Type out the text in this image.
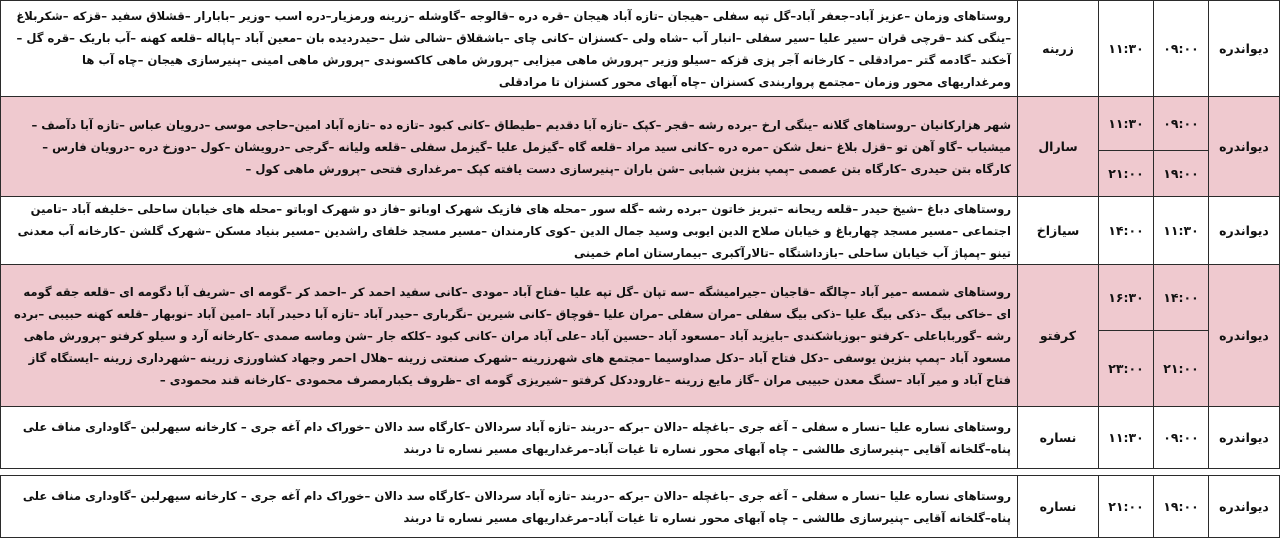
دیواندره	۰۹:۰۰	۱۱:۳۰	زرینه	روستاهای وزمان –عزیز آباد–جعفر آباد–گل تپه سفلی –هیجان –تازه آباد هیجان –قره دره –قالوجه –گاوشله –زرینه ورمزیار–دره اسب –وزیر –بابارار –قشلاق سفید –قزکه –شکربلاغ –ینگی کند –قرچی قران –سیر علیا –سیر سفلی –انبار آب –شاه ولی –کسنزان –کانی چای –باشقلاق –شالی شل –حیدردیده بان –معین آباد –پاپاله –قلعه کهنه –آب باریک –قره گل –آخکند –گادمه گتر –مرادقلی – کارخانه آجر پزی قزکه –سیلو وزیر –پرورش ماهی میزایی –پرورش ماهی کاکسوندی –پرورش ماهی امینی –پنیرسازی هیجان –چاه آب ها ومرغداریهای محور وزمان –مجتمع پرواربندی کسنزان –چاه آبهای محور کسنزان تا مرادقلی
دیواندره	۰۹:۰۰	۱۱:۳۰	سارال	شهر هزارکانیان –روستاهای گلانه –ینگی ارخ –برده رشه –قجر –کپک –تازه آبا دقدیم –طیطاق –کانی کبود –تازه ده –تازه آباد امین–حاجی موسی –درویان عباس –تازه آبا دآصف –میشیاب –گاو آهن تو –قزل بلاغ –نعل شکن –مره دره –کانی سید مراد –قلعه گاه –گیزمل علیا –گیزمل سفلی –قلعه ولیانه –گرجی –درویشان –کول –دوزخ دره –درویان فارس –کارگاه بتن حیدری –کارگاه بتن عصمی –پمپ بنزین شبابی –شن باران –پنیرسازی دست یافته کپک –مرغداری فتحی –پرورش ماهی کول –
	۱۹:۰۰	۲۱:۰۰		
دیواندره	۱۱:۳۰	۱۴:۰۰	سیازاخ	روستاهای دباغ –شیخ حیدر –قلعه ریحانه –تبریز خاتون –برده رشه –گله سور –محله های فازیک شهرک اوباتو –فاز دو شهرک اوباتو –محله های خیابان ساحلی –خلیفه آباد –تامین اجتماعی –مسیر مسجد چهارباغ و خیابان صلاح الدین ایوبی وسید جمال الدین –کوی کارمندان –مسیر مسجد خلفای راشدین –مسیر بنیاد مسکن –شهرک گلشن –کارخانه آب معدنی تینو –پمپاژ آب خیابان ساحلی –بازداشتگاه –تالارآکبری –بیمارستان امام خمینی
دیواندره	۱۴:۰۰	۱۶:۳۰	کرفتو	روستاهای شمسه –میر آباد –چالگه –قاجیان –جیرامیشگه –سه تپان –گل تپه علیا –فتاح آباد –مودی –کانی سفید احمد کر –احمد کر –گومه ای –شریف آبا دگومه ای –قلعه جقه گومه ای –خاکی بیگ –ذکی بیگ علیا –ذکی بیگ سفلی –مران سفلی –مران علیا –قوچاق –کانی شیرین –نگرباری –حیدر آباد –تازه آبا دحیدر آباد –امین آباد –نوبهار –قلعه کهنه حبیبی –برده رشه –گورباباعلی –کرفتو –بوزباشکندی –بایزید آباد –مسعود آباد –حسین آباد –علی آباد مران –کانی کبود –کلکه جار –شن وماسه صمدی –کارخانه آرد و سیلو کرفتو –پرورش ماهی مسعود آباد –پمپ بنزین یوسفی –دکل فتاح آباد –دکل صداوسیما –مجتمع های شهرزرینه –شهرک صنعتی زرینه –هلال احمر وجهاد کشاورزی زرینه –شهرداری زرینه –ایستگاه گاز فتاح آباد و میر آباد –سنگ معدن حبیبی مران –گاز مایع زرینه –غاروددکل کرفتو –شیریزی گومه ای –ظروف یکبارمصرف محمودی –کارخانه قند محمودی –
	۲۱:۰۰	۲۳:۰۰		
دیواندره	۰۹:۰۰	۱۱:۳۰	نساره	روستاهای نساره علیا –نسار ه سفلی – آغه جری –باغچله –دالان –برکه –دربند –تازه آباد سردالان –کارگاه سد دالان –خوراک دام آغه جری – کارخانه سیهرلبن –گاوداری مناف علی پناه–گلخانه آقایی –پنیرسازی طالشی – چاه آبهای محور نساره تا غیات آباد–مرغداریهای مسیر نساره تا دربند

دیواندره	۱۹:۰۰	۲۱:۰۰	نساره	روستاهای نساره علیا –نسار ه سفلی – آغه جری –باغچله –دالان –برکه –دربند –تازه آباد سردالان –کارگاه سد دالان –خوراک دام آغه جری – کارخانه سیهرلبن –گاوداری مناف علی پناه–گلخانه آقایی –پنیرسازی طالشی – چاه آبهای محور نساره تا غیات آباد–مرغداریهای مسیر نساره تا دربند
